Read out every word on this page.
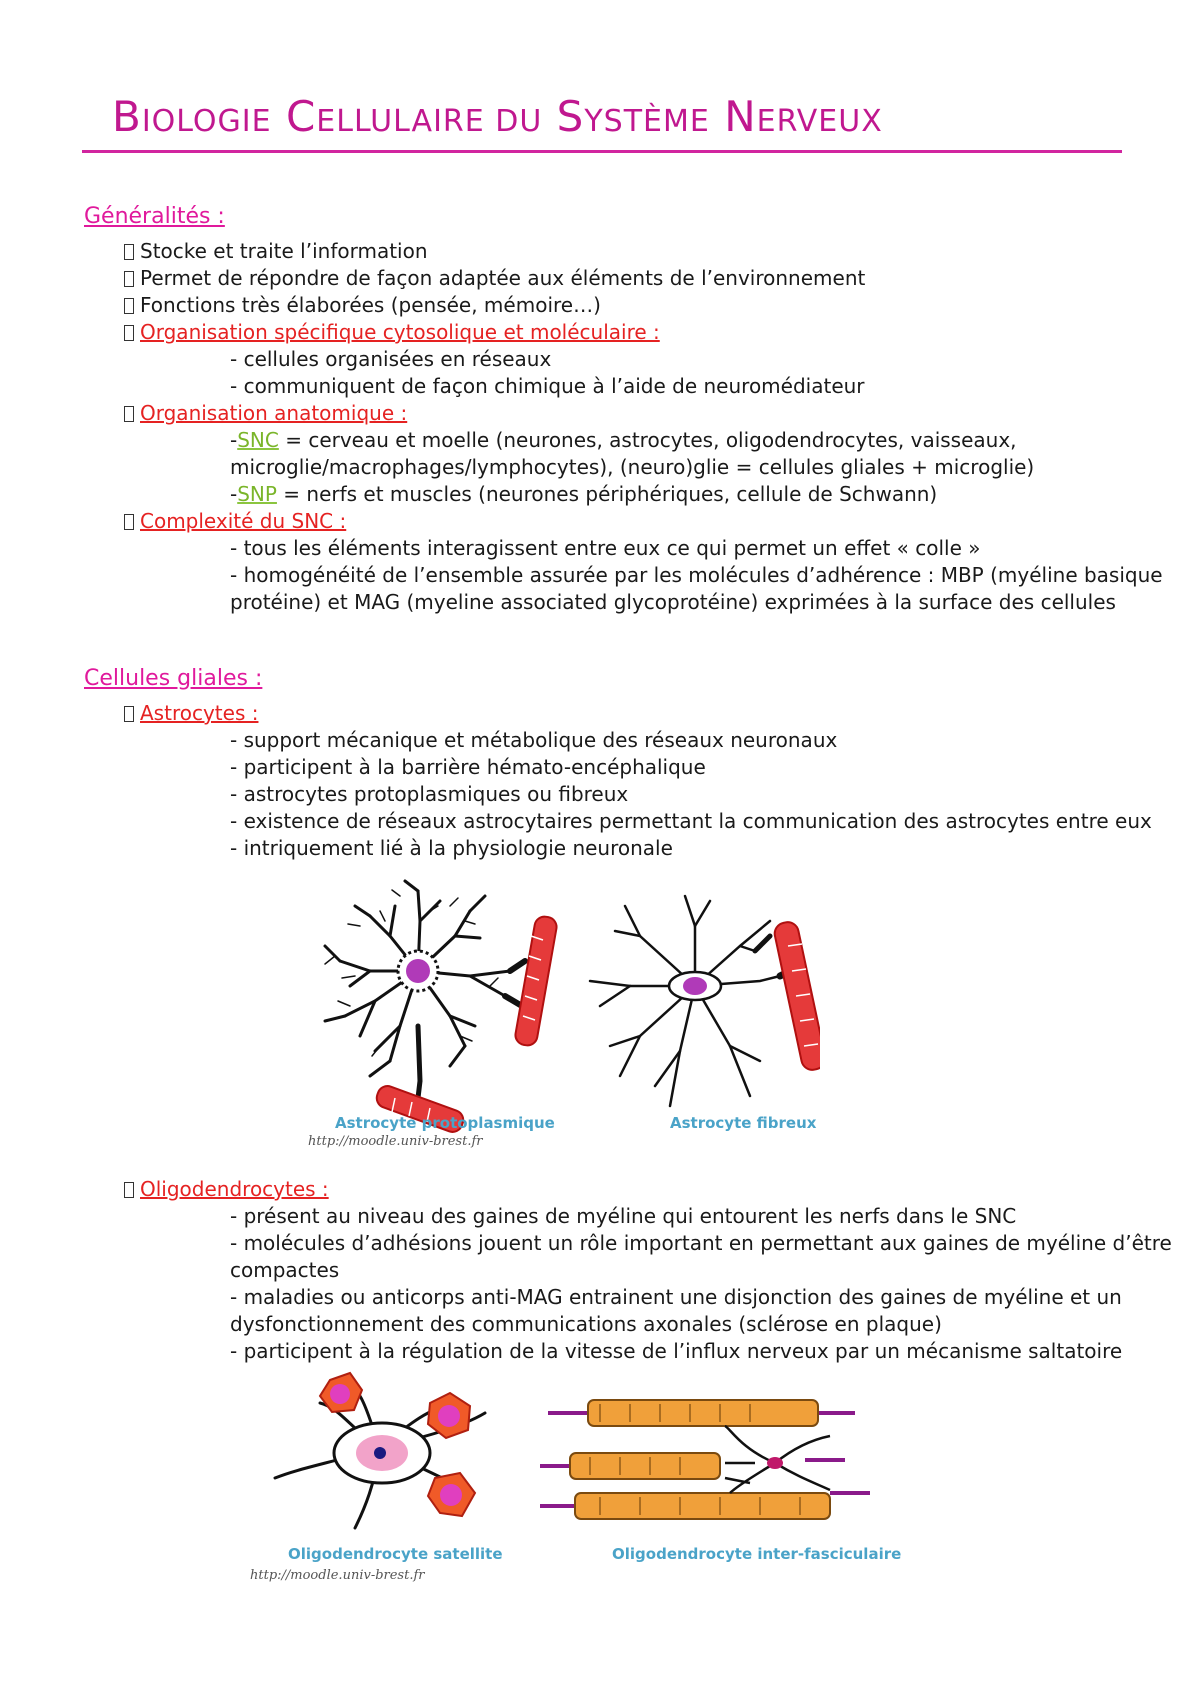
BIOLOGIE CELLULAIRE DU SYSTÈME NERVEUX
Généralités :
Stocke et traite l’information
Permet de répondre de façon adaptée aux éléments de l’environnement
Fonctions très élaborées (pensée, mémoire…)
Organisation spécifique cytosolique et moléculaire :
- cellules organisées en réseaux
- communiquent de façon chimique à l’aide de neuromédiateur
Organisation anatomique :
-SNC = cerveau et moelle (neurones, astrocytes, oligodendrocytes, vaisseaux,
microglie/macrophages/lymphocytes), (neuro)glie = cellules gliales + microglie)
-SNP = nerfs et muscles (neurones périphériques, cellule de Schwann)
Complexité du SNC :
- tous les éléments interagissent entre eux ce qui permet un effet « colle »
- homogénéité de l’ensemble assurée par les molécules d’adhérence : MBP (myéline basique
protéine) et MAG (myeline associated glycoprotéine) exprimées à la surface des cellules
Cellules gliales :
Astrocytes :
- support mécanique et métabolique des réseaux neuronaux
- participent à la barrière hémato-encéphalique
- astrocytes protoplasmiques ou fibreux
- existence de réseaux astrocytaires permettant la communication des astrocytes entre eux
- intriquement lié à la physiologie neuronale
Astrocyte protoplasmique	Astrocyte fibreux
http://moodle.univ-brest.fr
Oligodendrocytes :
- présent au niveau des gaines de myéline qui entourent les nerfs dans le SNC
- molécules d’adhésions jouent un rôle important en permettant aux gaines de myéline d’être
compactes
- maladies ou anticorps anti-MAG entrainent une disjonction des gaines de myéline et un
dysfonctionnement des communications axonales (sclérose en plaque)
- participent à la régulation de la vitesse de l’influx nerveux par un mécanisme saltatoire
Oligodendrocyte satellite	Oligodendrocyte inter-fasciculaire
http://moodle.univ-brest.fr
